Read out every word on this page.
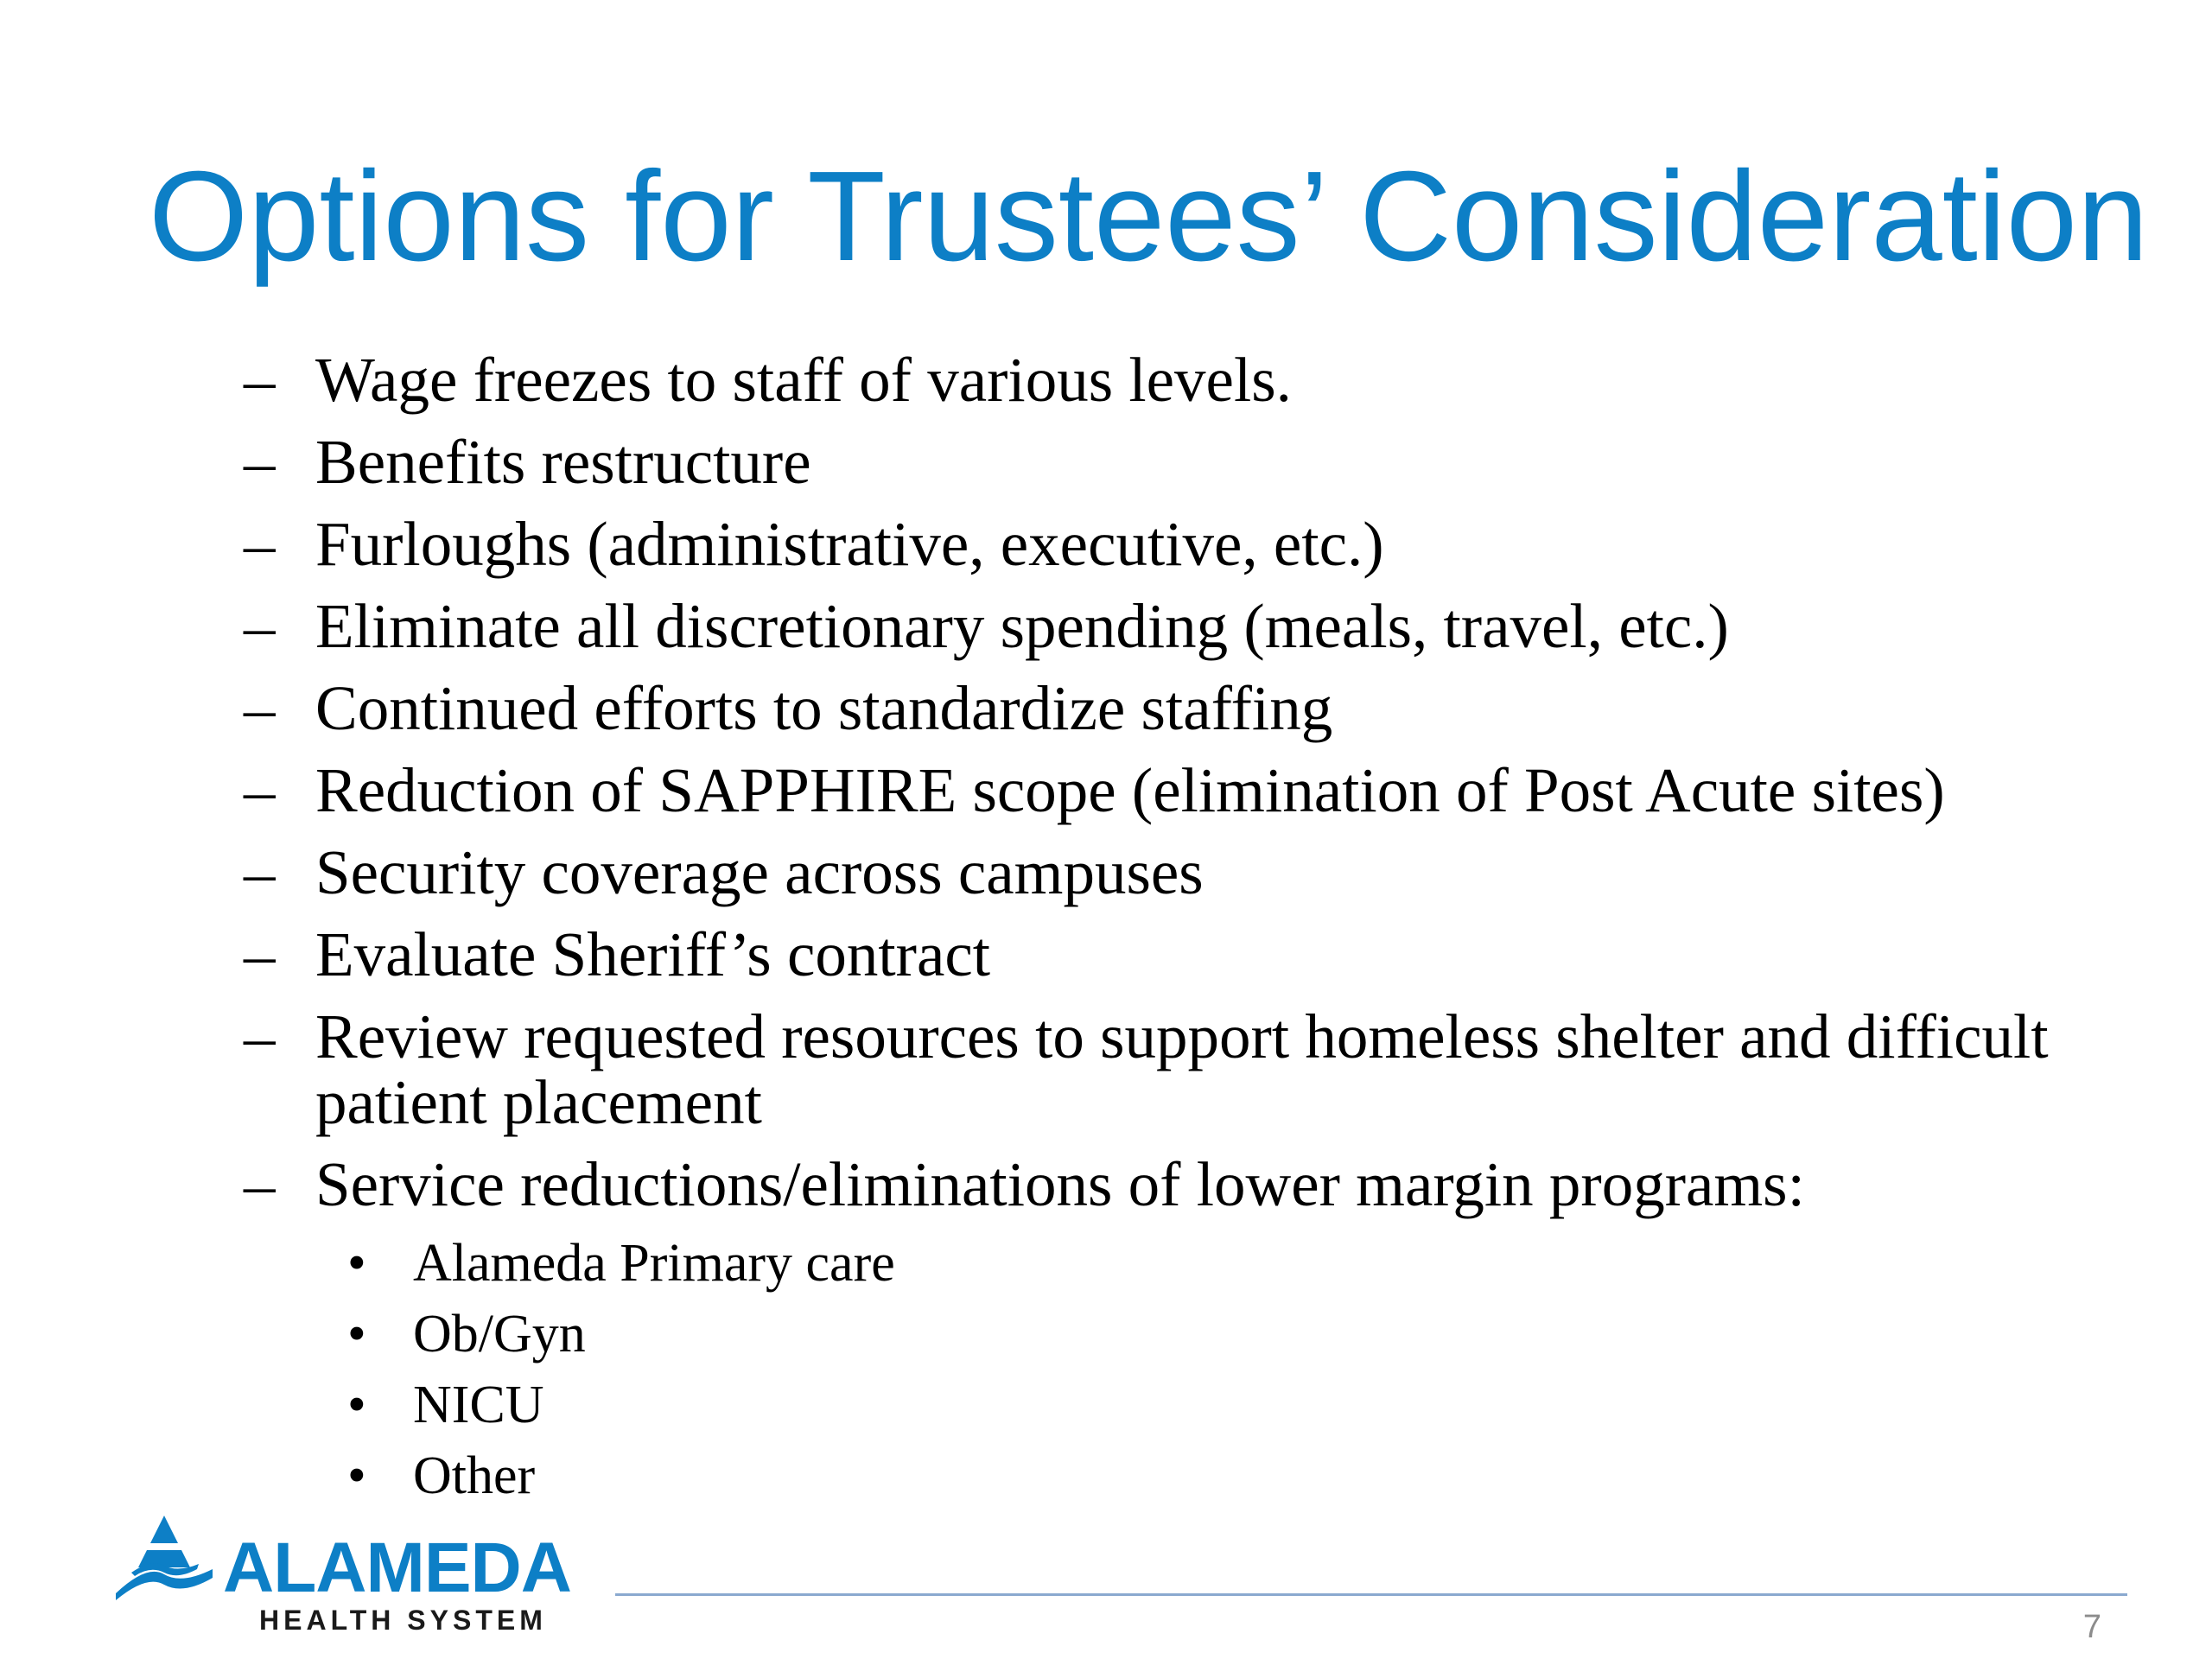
Options for Trustees’ Consideration
– Wage freezes to staff of various levels.
– Benefits restructure
– Furloughs (administrative, executive, etc.)
– Eliminate all discretionary spending (meals, travel, etc.)
– Continued efforts to standardize staffing
– Reduction of SAPPHIRE scope (elimination of Post Acute sites)
– Security coverage across campuses
– Evaluate Sheriff’s contract
– Review requested resources to support homeless shelter and difficult patient placement
– Service reductions/eliminations of lower margin programs:
• Alameda Primary care
• Ob/Gyn
• NICU
• Other
ALAMEDA
HEALTH SYSTEM	7
